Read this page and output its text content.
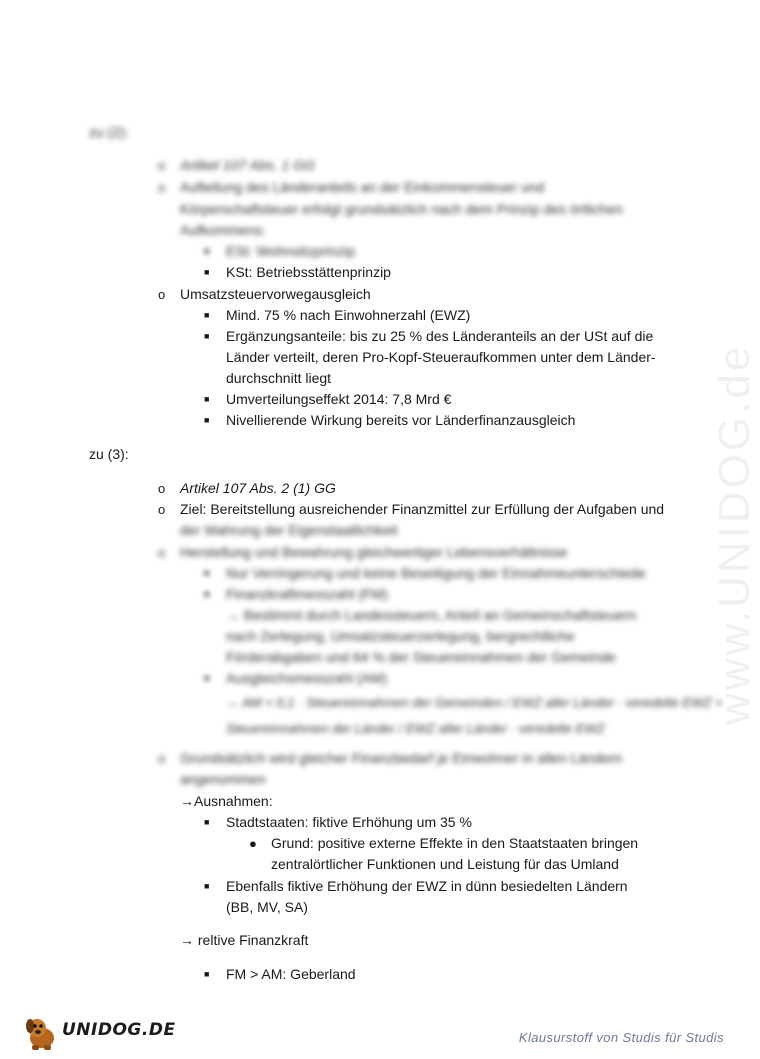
www.UNIDOG.de
zu (2):
o Artikel 107 Abs. 1 GG
o Aufteilung des Länderanteils an der Einkommensteuer und
Körperschaftsteuer erfolgt grundsätzlich nach dem Prinzip des örtlichen
Aufkommens:
■ ESt: Wohnsitzprinzip
■ KSt: Betriebsstättenprinzip
o Umsatzsteuervorwegausgleich
■ Mind. 75 % nach Einwohnerzahl (EWZ)
■ Ergänzungsanteile: bis zu 25 % des Länderanteils an der USt auf die
Länder verteilt, deren Pro-Kopf-Steueraufkommen unter dem Länder-
durchschnitt liegt
■ Umverteilungseffekt 2014: 7,8 Mrd €
■ Nivellierende Wirkung bereits vor Länderfinanzausgleich
zu (3):
o Artikel 107 Abs. 2 (1) GG
o Ziel: Bereitstellung ausreichender Finanzmittel zur Erfüllung der Aufgaben und
der Wahrung der Eigenstaatlichkeit
o Herstellung und Bewahrung gleichwertiger Lebensverhältnisse
■ Nur Verringerung und keine Beseitigung der Einnahmeunterschiede
■ Finanzkraftmesszahl (FM)
→ Bestimmt durch Landessteuern, Anteil an Gemeinschaftsteuern
nach Zerlegung, Umsatzsteuerzerlegung, bergrechtliche
Förderabgaben und 64 % der Steuereinnahmen der Gemeinde
■ Ausgleichsmesszahl (AM)
→ AM = 0,1 · Steuereinnahmen der Gemeinden / EWZ aller Länder · veredelte EWZ +
Steuereinnahmen der Länder / EWZ aller Länder · veredelte EWZ
o Grundsätzlich wird gleicher Finanzbedarf je Einwohner in allen Ländern
angenommen
→Ausnahmen:
■ Stadtstaaten: fiktive Erhöhung um 35 %
● Grund: positive externe Effekte in den Staatstaaten bringen
zentralörtlicher Funktionen und Leistung für das Umland
■ Ebenfalls fiktive Erhöhung der EWZ in dünn besiedelten Ländern
(BB, MV, SA)
→ reltive Finanzkraft
■ FM > AM: Geberland
UNIDOG.DE	Klausurstoff von Studis für Studis
